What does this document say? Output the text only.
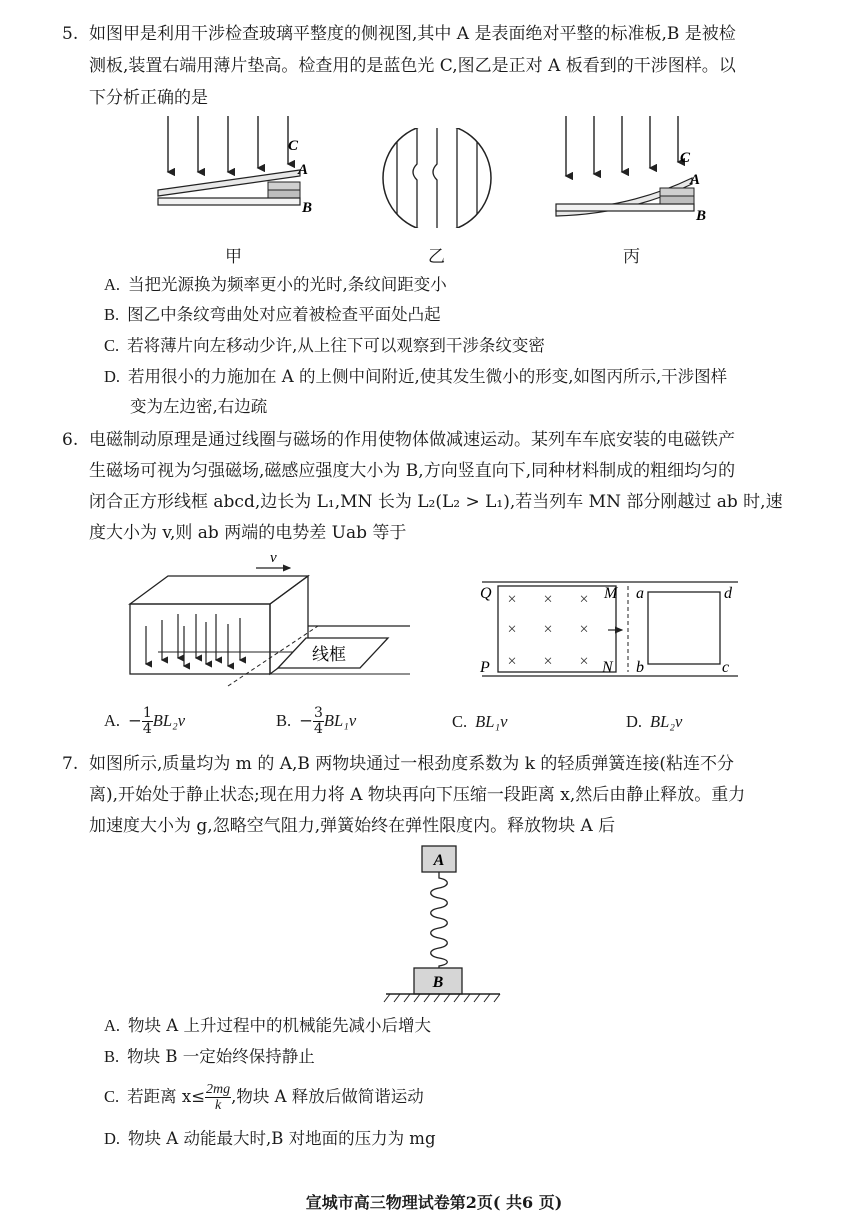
5. 如图甲是利用干涉检查玻璃平整度的侧视图,其中 A 是表面绝对平整的标准板,B 是被检
测板,装置右端用薄片垫高。检查用的是蓝色光 C,图乙是正对 A 板看到的干涉图样。以
下分析正确的是
C
A
B
C
A
B
甲	乙	丙
A. 当把光源换为频率更小的光时,条纹间距变小
B. 图乙中条纹弯曲处对应着被检查平面处凸起
C. 若将薄片向左移动少许,从上往下可以观察到干涉条纹变密
D. 若用很小的力施加在 A 的上侧中间附近,使其发生微小的形变,如图丙所示,干涉图样
变为左边密,右边疏
6. 电磁制动原理是通过线圈与磁场的作用使物体做减速运动。某列车车底安装的电磁铁产
生磁场可视为匀强磁场,磁感应强度大小为 B,方向竖直向下,同种材料制成的粗细均匀的
闭合正方形线框 abcd,边长为 L₁,MN 长为 L₂(L₂ > L₁),若当列车 MN 部分刚越过 ab 时,速
度大小为 v,则 ab 两端的电势差 Uab 等于
v
线框
× × ×
× × ×
× × ×
Q
P
M
N
a
b	c
d
A. − $\frac{1}{4} BL_2v$	B. − $\frac{3}{4} BL_1v$	C. BL₁v	D. BL₂v
7. 如图所示,质量均为 m 的 A,B 两物块通过一根劲度系数为 k 的轻质弹簧连接(粘连不分
离),开始处于静止状态;现在用力将 A 物块再向下压缩一段距离 x,然后由静止释放。重力
加速度大小为 g,忽略空气阻力,弹簧始终在弹性限度内。释放物块 A 后
A
B
A. 物块 A 上升过程中的机械能先减小后增大
B. 物块 B 一定始终保持静止
C. 若距离 $x\le \frac{2mg}{k}$ ,物块 A 释放后做简谐运动
D. 物块 A 动能最大时,B 对地面的压力为 mg
宣城市高三物理试卷第2页( 共6 页)
